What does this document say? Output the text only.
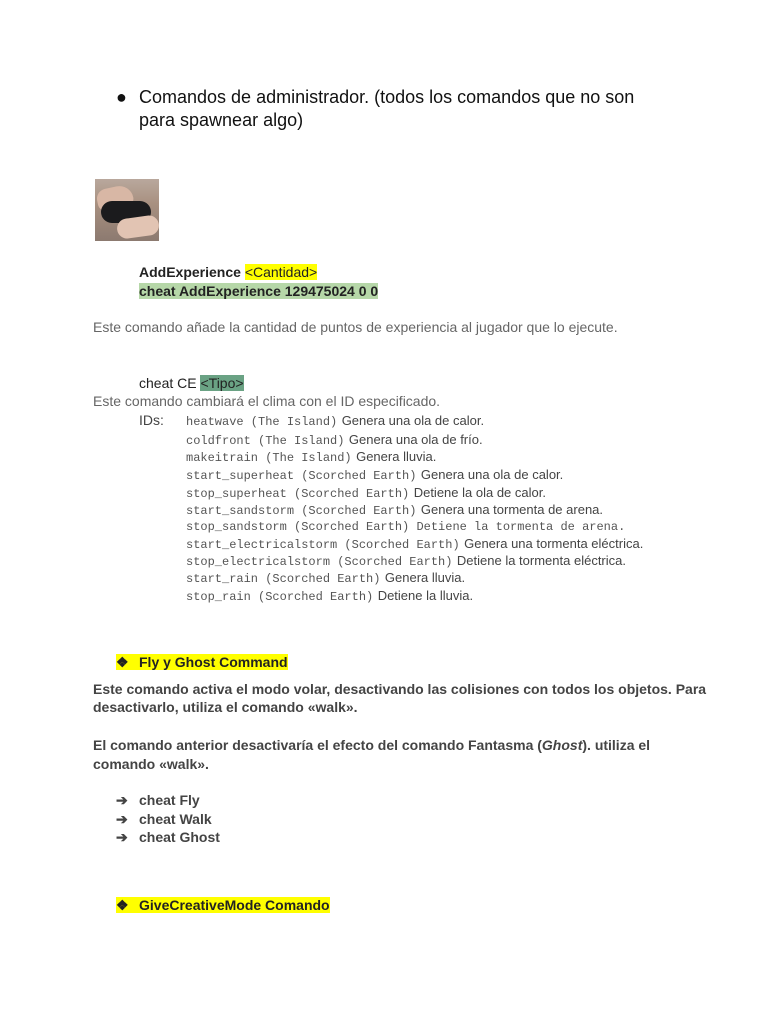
● Comandos de administrador. (todos los comandos que no son para spawnear algo)
AddExperience <Cantidad>
cheat AddExperience 129475024 0 0
Este comando añade la cantidad de puntos de experiencia al jugador que lo ejecute.
cheat CE <Tipo>
Este comando cambiará el clima con el ID especificado.
IDs: heatwave (The Island) Genera una ola de calor.
coldfront (The Island) Genera una ola de frío.
makeitrain (The Island) Genera lluvia.
start_superheat (Scorched Earth) Genera una ola de calor.
stop_superheat (Scorched Earth) Detiene la ola de calor.
start_sandstorm (Scorched Earth) Genera una tormenta de arena.
stop_sandstorm (Scorched Earth) Detiene la tormenta de arena.
start_electricalstorm (Scorched Earth) Genera una tormenta eléctrica.
stop_electricalstorm (Scorched Earth) Detiene la tormenta eléctrica.
start_rain (Scorched Earth) Genera lluvia.
stop_rain (Scorched Earth) Detiene la lluvia.
❖ Fly y Ghost Command
Este comando activa el modo volar, desactivando las colisiones con todos los objetos. Para
desactivarlo, utiliza el comando «walk».
El comando anterior desactivaría el efecto del comando Fantasma (Ghost). utiliza el
comando «walk».
➔ cheat Fly
➔ cheat Walk
➔ cheat Ghost
❖ GiveCreativeMode Comando
